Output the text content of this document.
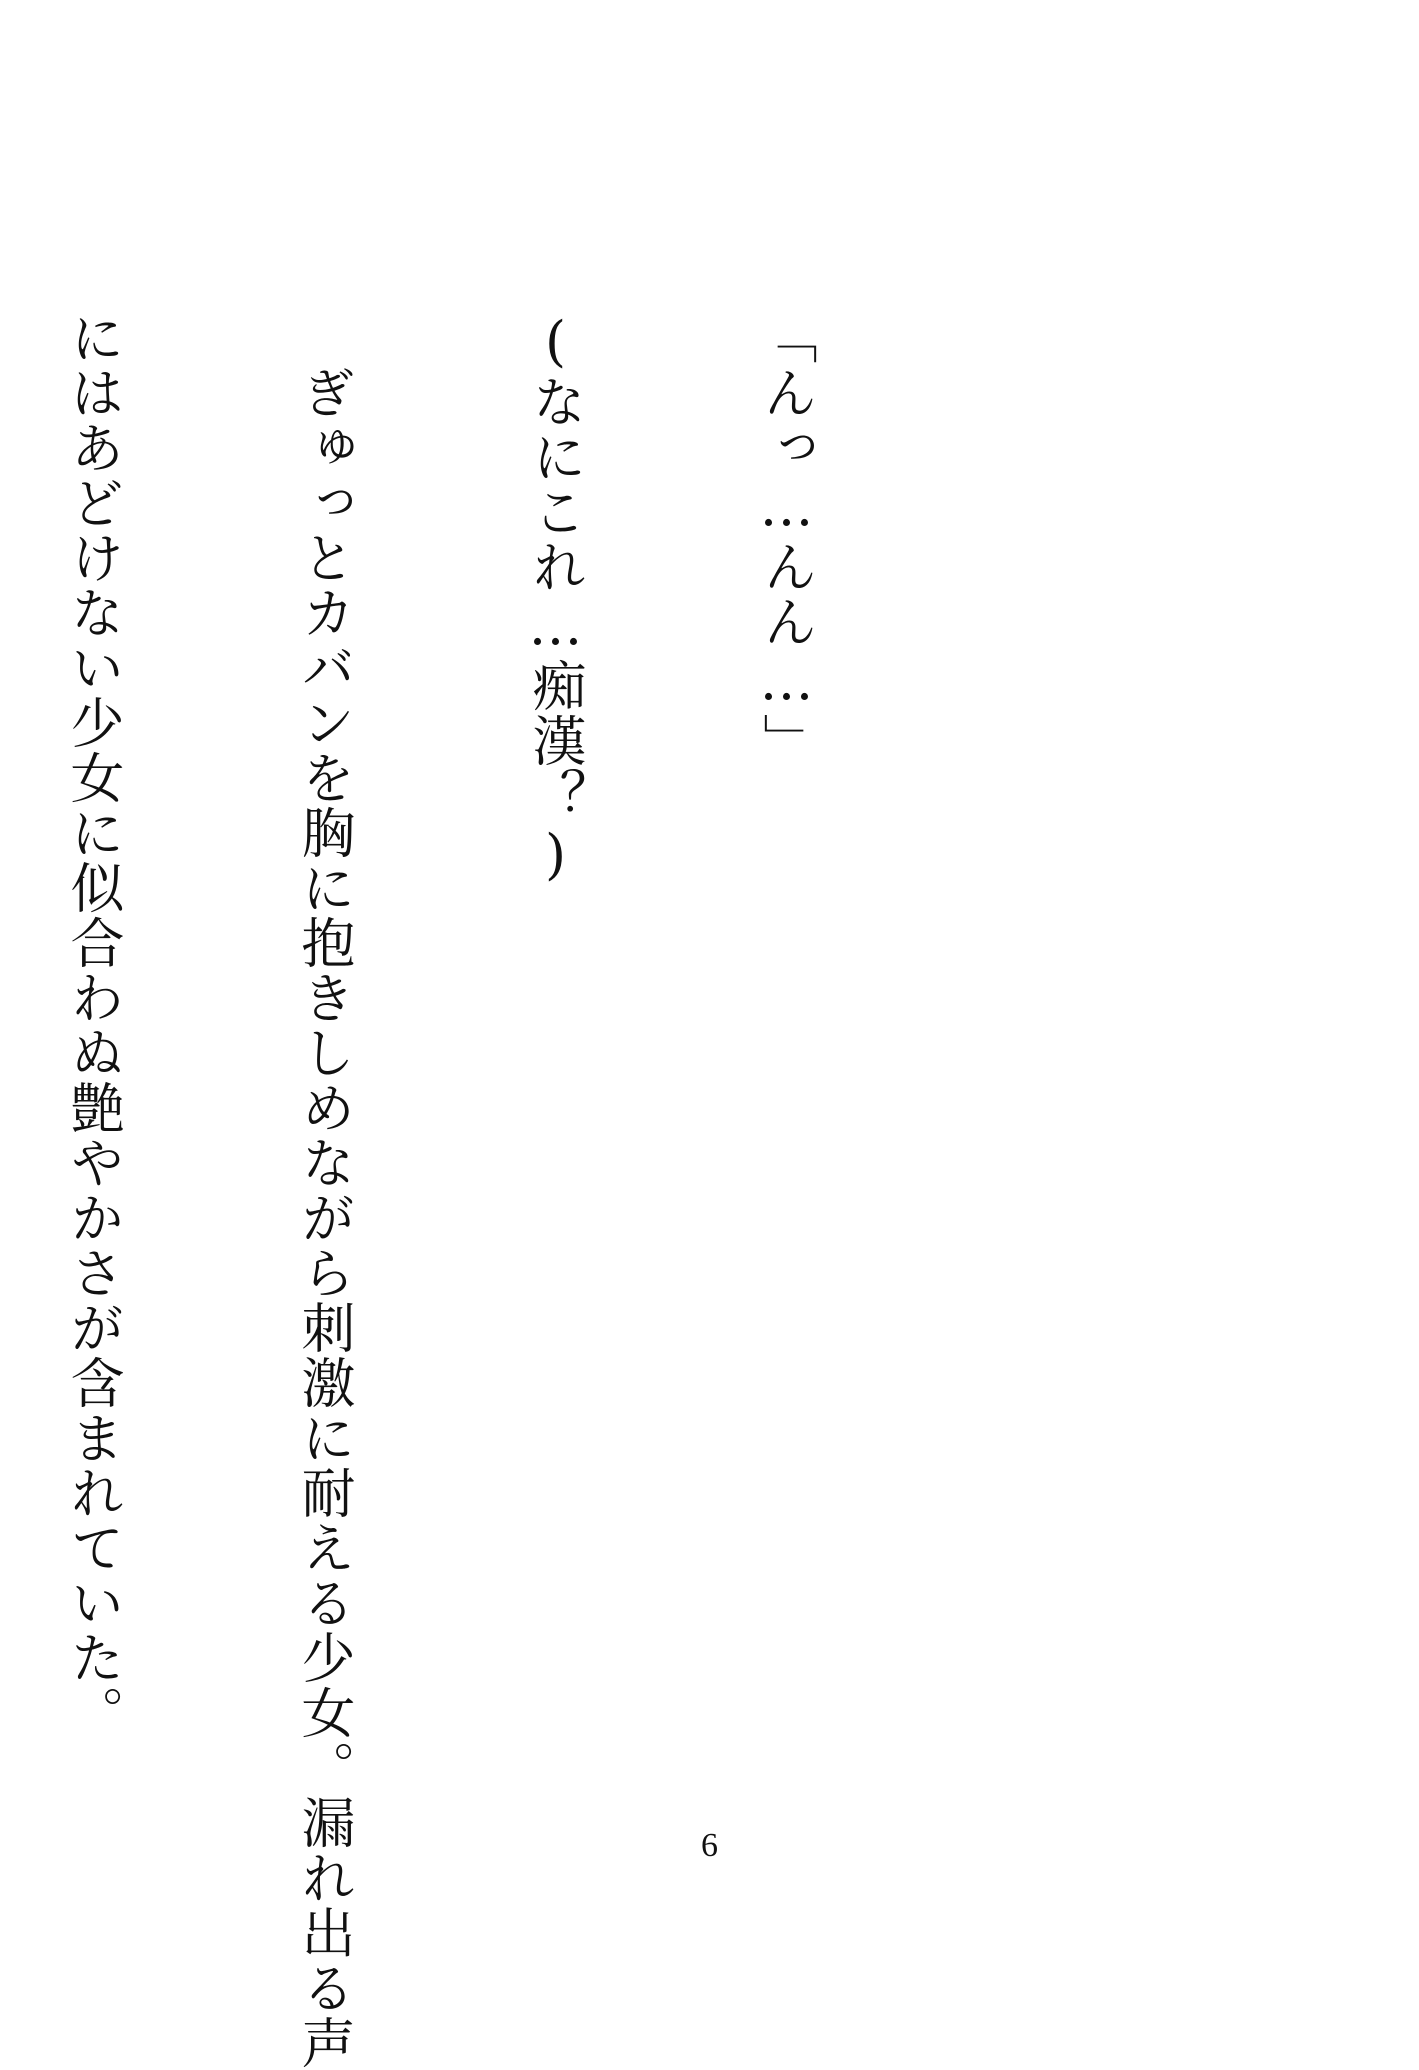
「んっ…んん…」

(なにこれ…痴漢？)

　ぎゅっとカバンを胸に抱きしめながら刺激に耐える少女。漏れ出る声

にはあどけない少女に似合わぬ艶やかさが含まれていた。

6
